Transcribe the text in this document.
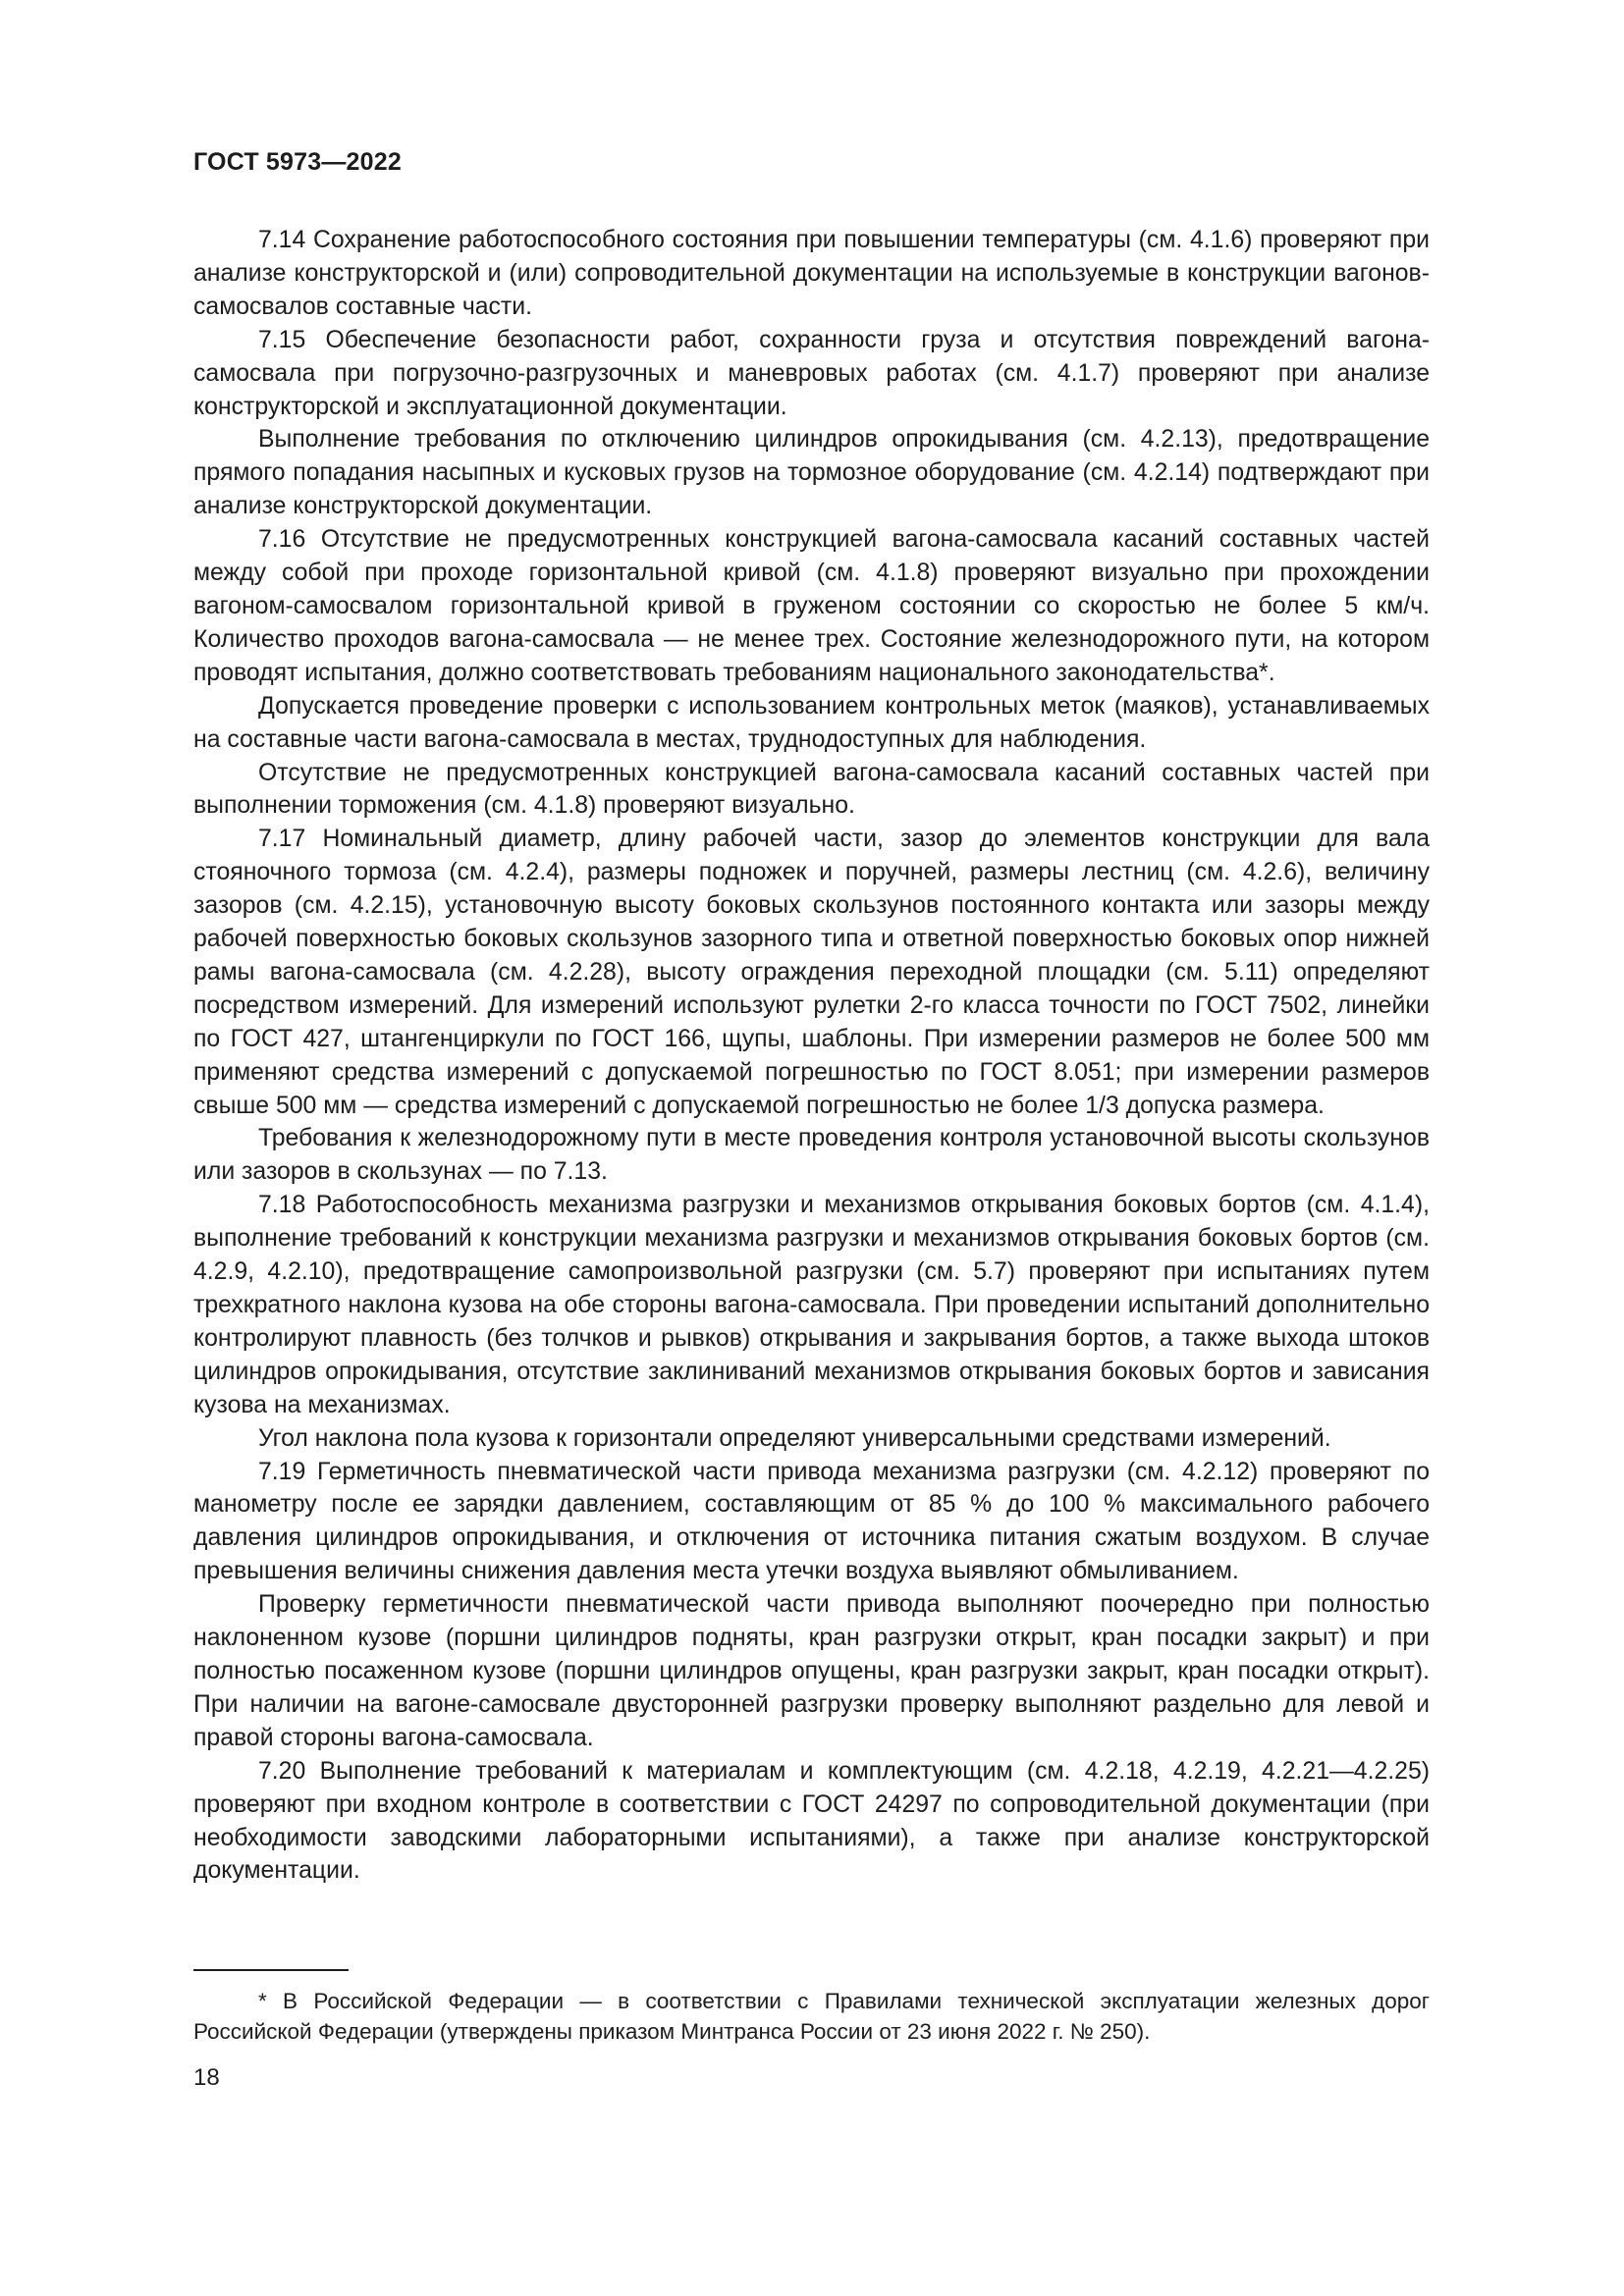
ГОСТ 5973—2022

7.14 Сохранение работоспособного состояния при повышении температуры (см. 4.1.6) проверяют при анализе конструкторской и (или) сопроводительной документации на используемые в конструкции вагонов-самосвалов составные части.

7.15 Обеспечение безопасности работ, сохранности груза и отсутствия повреждений вагона-самосвала при погрузочно-разгрузочных и маневровых работах (см. 4.1.7) проверяют при анализе конструкторской и эксплуатационной документации.

Выполнение требования по отключению цилиндров опрокидывания (см. 4.2.13), предотвращение прямого попадания насыпных и кусковых грузов на тормозное оборудование (см. 4.2.14) подтверждают при анализе конструкторской документации.

7.16 Отсутствие не предусмотренных конструкцией вагона-самосвала касаний составных частей между собой при проходе горизонтальной кривой (см. 4.1.8) проверяют визуально при прохождении вагоном-самосвалом горизонтальной кривой в груженом состоянии со скоростью не более 5 км/ч. Количество проходов вагона-самосвала — не менее трех. Состояние железнодорожного пути, на котором проводят испытания, должно соответствовать требованиям национального законодательства*.

Допускается проведение проверки с использованием контрольных меток (маяков), устанавливаемых на составные части вагона-самосвала в местах, труднодоступных для наблюдения.

Отсутствие не предусмотренных конструкцией вагона-самосвала касаний составных частей при выполнении торможения (см. 4.1.8) проверяют визуально.

7.17 Номинальный диаметр, длину рабочей части, зазор до элементов конструкции для вала стояночного тормоза (см. 4.2.4), размеры подножек и поручней, размеры лестниц (см. 4.2.6), величину зазоров (см. 4.2.15), установочную высоту боковых скользунов постоянного контакта или зазоры между рабочей поверхностью боковых скользунов зазорного типа и ответной поверхностью боковых опор нижней рамы вагона-самосвала (см. 4.2.28), высоту ограждения переходной площадки (см. 5.11) определяют посредством измерений. Для измерений используют рулетки 2-го класса точности по ГОСТ 7502, линейки по ГОСТ 427, штангенциркули по ГОСТ 166, щупы, шаблоны. При измерении размеров не более 500 мм применяют средства измерений с допускаемой погрешностью по ГОСТ 8.051; при измерении размеров свыше 500 мм — средства измерений с допускаемой погрешностью не более 1/3 допуска размера.

Требования к железнодорожному пути в месте проведения контроля установочной высоты скользунов или зазоров в скользунах — по 7.13.

7.18 Работоспособность механизма разгрузки и механизмов открывания боковых бортов (см. 4.1.4), выполнение требований к конструкции механизма разгрузки и механизмов открывания боковых бортов (см. 4.2.9, 4.2.10), предотвращение самопроизвольной разгрузки (см. 5.7) проверяют при испытаниях путем трехкратного наклона кузова на обе стороны вагона-самосвала. При проведении испытаний дополнительно контролируют плавность (без толчков и рывков) открывания и закрывания бортов, а также выхода штоков цилиндров опрокидывания, отсутствие заклиниваний механизмов открывания боковых бортов и зависания кузова на механизмах.

Угол наклона пола кузова к горизонтали определяют универсальными средствами измерений.

7.19 Герметичность пневматической части привода механизма разгрузки (см. 4.2.12) проверяют по манометру после ее зарядки давлением, составляющим от 85 % до 100 % максимального рабочего давления цилиндров опрокидывания, и отключения от источника питания сжатым воздухом. В случае превышения величины снижения давления места утечки воздуха выявляют обмыливанием.

Проверку герметичности пневматической части привода выполняют поочередно при полностью наклоненном кузове (поршни цилиндров подняты, кран разгрузки открыт, кран посадки закрыт) и при полностью посаженном кузове (поршни цилиндров опущены, кран разгрузки закрыт, кран посадки открыт). При наличии на вагоне-самосвале двусторонней разгрузки проверку выполняют раздельно для левой и правой стороны вагона-самосвала.

7.20 Выполнение требований к материалам и комплектующим (см. 4.2.18, 4.2.19, 4.2.21—4.2.25) проверяют при входном контроле в соответствии с ГОСТ 24297 по сопроводительной документации (при необходимости заводскими лабораторными испытаниями), а также при анализе конструкторской документации.

* В Российской Федерации — в соответствии с Правилами технической эксплуатации железных дорог Российской Федерации (утверждены приказом Минтранса России от 23 июня 2022 г. № 250).

18
